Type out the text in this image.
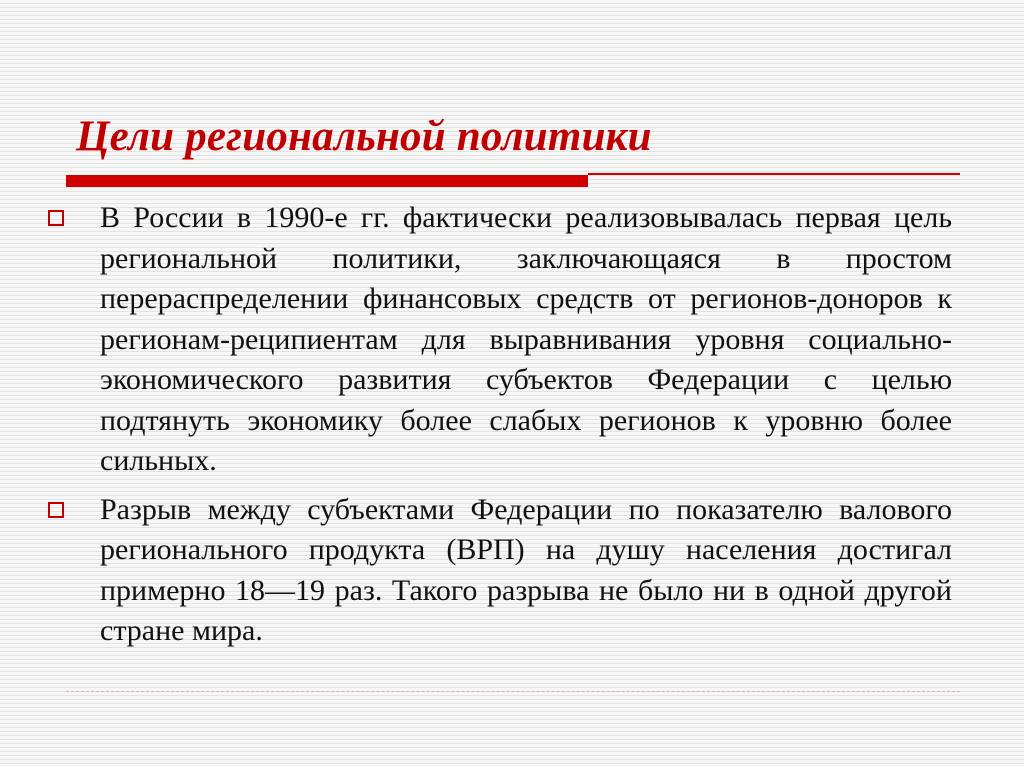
Цели региональной политики
В России в 1990-е гг. фактически реализовывалась первая цель региональной политики, заключающаяся в простом перераспределении финансовых средств от регионов-доноров к регионам-реципиентам для выравнивания уровня социально-экономического развития субъектов Федерации с целью подтянуть экономику более слабых регионов к уровню более сильных.
Разрыв между субъектами Федерации по показателю валового регионального продукта (ВРП) на душу населения достигал примерно 18—19 раз. Такого разрыва не было ни в одной другой стране мира.
